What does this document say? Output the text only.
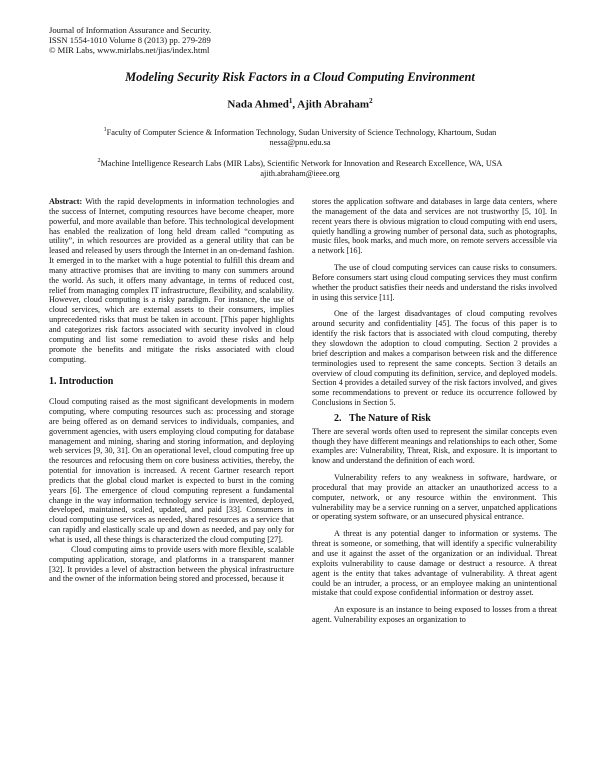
Journal of Information Assurance and Security.
ISSN 1554-1010 Volume 8 (2013) pp. 279-289
© MIR Labs, www.mirlabs.net/jias/index.html
Modeling Security Risk Factors in a Cloud Computing Environment
Nada Ahmed$^1$, Ajith Abraham$^2$
$^1$Faculty of Computer Science & Information Technology, Sudan University of Science Technology, Khartoum, Sudan
nessa@pnu.edu.sa
$^2$Machine Intelligence Research Labs (MIR Labs), Scientific Network for Innovation and Research Excellence, WA, USA
ajith.abraham@ieee.org

Abstract: With the rapid developments in information technologies and the success of Internet, computing resources have become cheaper, more powerful, and more available than before. This technological development has enabled the realization of long held dream called “computing as utility”, in which resources are provided as a general utility that can be leased and released by users through the Internet in an on-demand fashion. It emerged in to the market with a huge potential to fulfill this dream and many attractive promises that are inviting to many con summers around the world. As such, it offers many advantage, in terms of reduced cost, relief from managing complex IT infrastructure, flexibility, and scalability. However, cloud computing is a risky paradigm. For instance, the use of cloud services, which are external assets to their consumers, implies unprecedented risks that must be taken in account. [This paper highlights and categorizes risk factors associated with security involved in cloud computing and list some remediation to avoid these risks and help promote the benefits and mitigate the risks associated with cloud computing.

1. Introduction

Cloud computing raised as the most significant developments in modern computing, where computing resources such as: processing and storage are being offered as on demand services to individuals, companies, and government agencies, with users employing cloud computing for database management and mining, sharing and storing information, and deploying web services [9, 30, 31]. On an operational level, cloud computing free up the resources and refocusing them on core business activities, thereby, the potential for innovation is increased. A recent Gartner research report predicts that the global cloud market is expected to burst in the coming years [6]. The emergence of cloud computing represent a fundamental change in the way information technology service is invented, deployed, developed, maintained, scaled, updated, and paid [33]. Consumers in cloud computing use services as needed, shared resources as a service that can rapidly and elastically scale up and down as needed, and pay only for what is used, all these things is characterized the cloud computing [27].

Cloud computing aims to provide users with more flexible, scalable computing application, storage, and platforms in a transparent manner [32]. It provides a level of abstraction between the physical infrastructure and the owner of the information being stored and processed, because it

stores the application software and databases in large data centers, where the management of the data and services are not trustworthy [5, 10]. In recent years there is obvious migration to cloud computing with end users, quietly handling a growing number of personal data, such as photographs, music files, book marks, and much more, on remote servers accessible via a network [16].

The use of cloud computing services can cause risks to consumers. Before consumers start using cloud computing services they must confirm whether the product satisfies their needs and understand the risks involved in using this service [11].

One of the largest disadvantages of cloud computing revolves around security and confidentiality [45]. The focus of this paper is to identify the risk factors that is associated with cloud computing, thereby they slowdown the adoption to cloud computing. Section 2 provides a brief description and makes a comparison between risk and the difference terminologies used to represent the same concepts. Section 3 details an overview of cloud computing its definition, service, and deployed models. Section 4 provides a detailed survey of the risk factors involved, and gives some recommendations to prevent or reduce its occurrence followed by Conclusions in Section 5.

2.   The Nature of Risk

There are several words often used to represent the similar concepts even though they have different meanings and relationships to each other, Some examples are: Vulnerability, Threat, Risk, and exposure. It is important to know and understand the definition of each word.

Vulnerability refers to any weakness in software, hardware, or procedural that may provide an attacker an unauthorized access to a computer, network, or any resource within the environment. This vulnerability may be a service running on a server, unpatched applications or operating system software, or an unsecured physical entrance.

A threat is any potential danger to information or systems. The threat is someone, or something, that will identify a specific vulnerability and use it against the asset of the organization or an individual. Threat exploits vulnerability to cause damage or destruct a resource. A threat agent is the entity that takes advantage of vulnerability. A threat agent could be an intruder, a process, or an employee making an unintentional mistake that could expose confidential information or destroy asset.

An exposure is an instance to being exposed to losses from a threat agent. Vulnerability exposes an organization to
